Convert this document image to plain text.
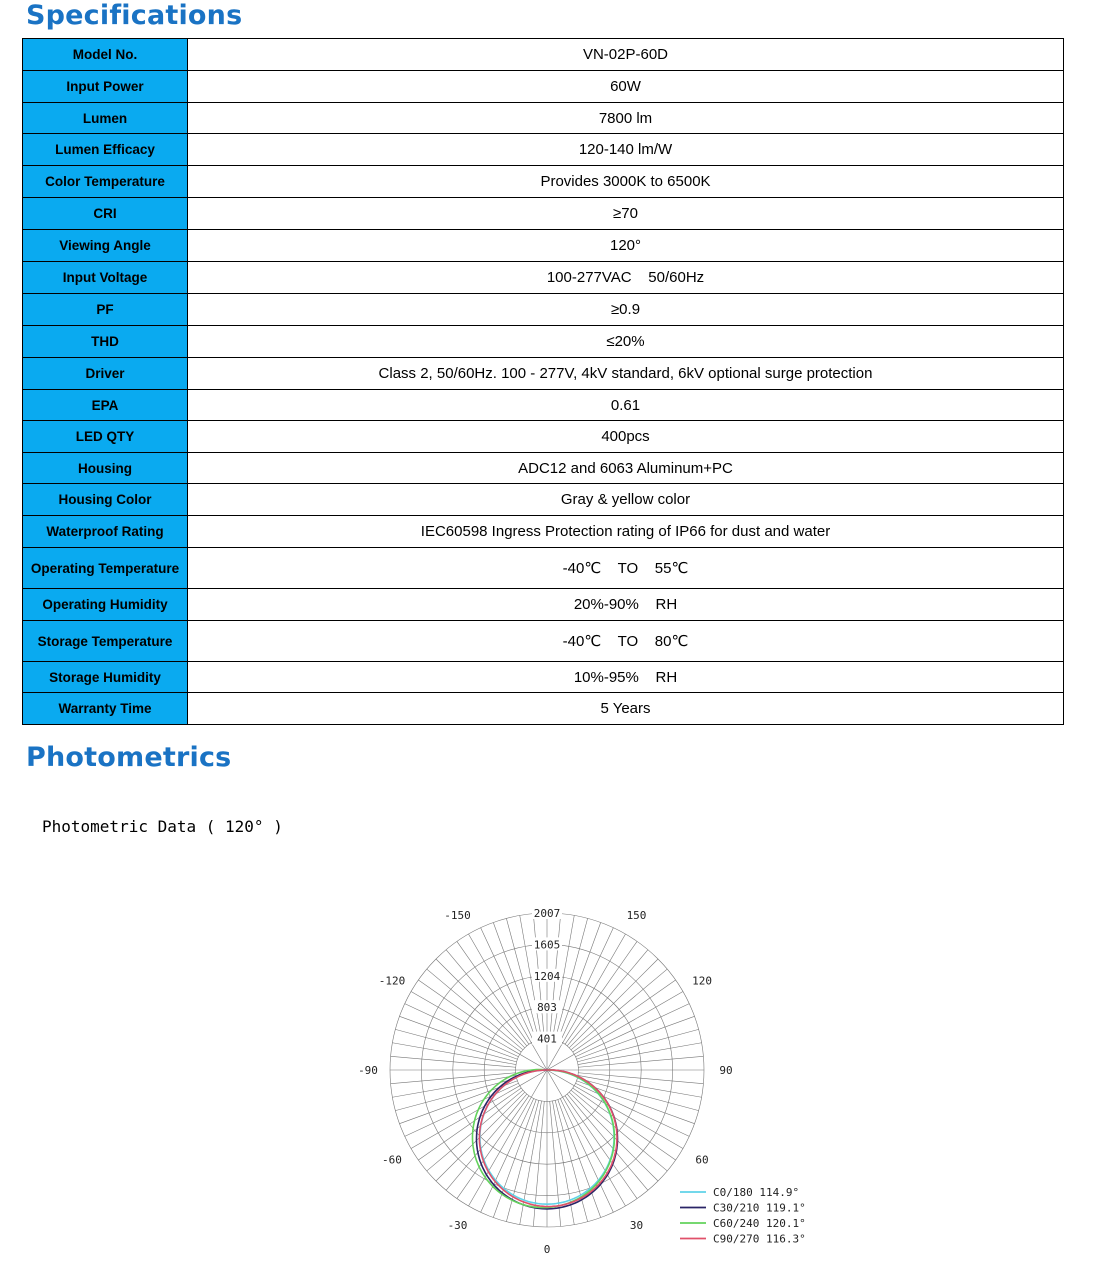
Specifications
Model No.	VN-02P-60D
Input Power	60W
Lumen	7800 lm
Lumen Efficacy	120-140 lm/W
Color Temperature	Provides 3000K to 6500K
CRI	≥70
Viewing Angle	120°
Input Voltage	100-277VAC    50/60Hz
PF	≥0.9
THD	≤20%
Driver	Class 2, 50/60Hz. 100 - 277V, 4kV standard, 6kV optional surge protection
EPA	0.61
LED QTY	400pcs
Housing	ADC12 and 6063 Aluminum+PC
Housing Color	Gray & yellow color
Waterproof Rating	IEC60598 Ingress Protection rating of IP66 for dust and water
Operating Temperature	-40℃    TO    55℃
Operating Humidity	20%-90%    RH
Storage Temperature	-40℃    TO    80℃
Storage Humidity	10%-95%    RH
Warranty Time	5 Years
Photometrics

Photometric Data ( 120° )

401
803
1204
1605
2007
-150	150
-120	120
-90	90
-60	60
-30	30
0
C0/180 114.9°
C30/210 119.1°
C60/240 120.1°
C90/270 116.3°
